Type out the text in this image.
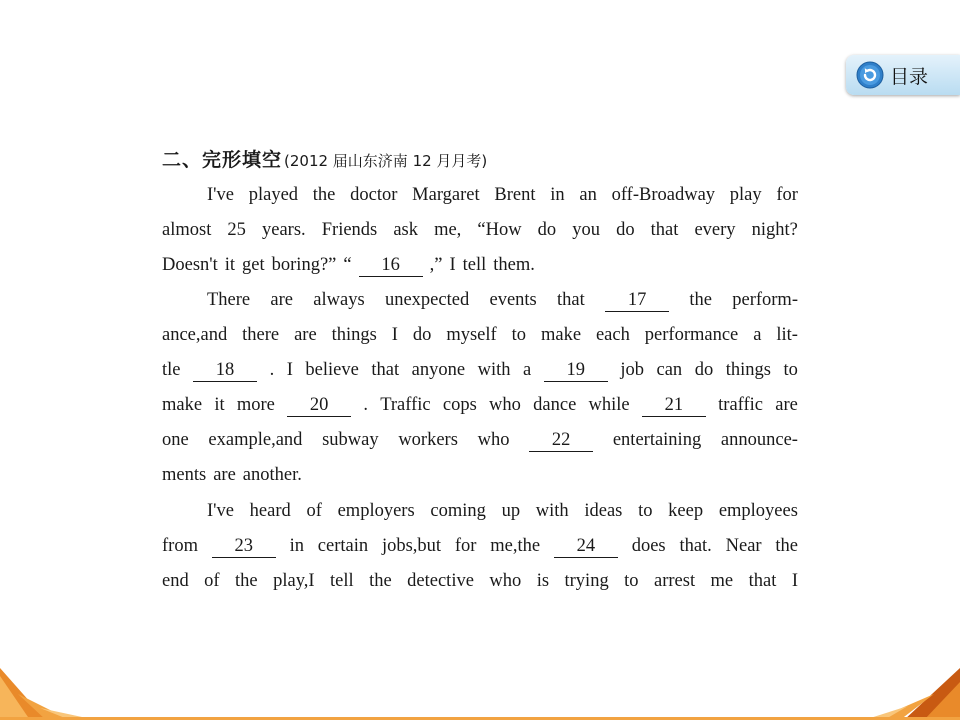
目录
二、完形填空 (2012 届山东济南 12 月月考)
I've played the doctor Margaret Brent in an off-Broadway play for
almost 25 years. Friends ask me, “How do you do that every night?
Doesn't it get boring?” “	16	,” I tell them.
There are always unexpected events that	17	the perform-
ance,and there are things I do myself to make each performance a lit-
tle	18	. I believe that anyone with a	19	job can do things to
make it more	20	. Traffic cops who dance while	21	traffic are
one example,and subway workers who	22	entertaining announce-
ments are another.
I've heard of employers coming up with ideas to keep employees
from	23	in certain jobs,but for me,the	24	does that. Near the
end of the play,I tell the detective who is trying to arrest me that I
